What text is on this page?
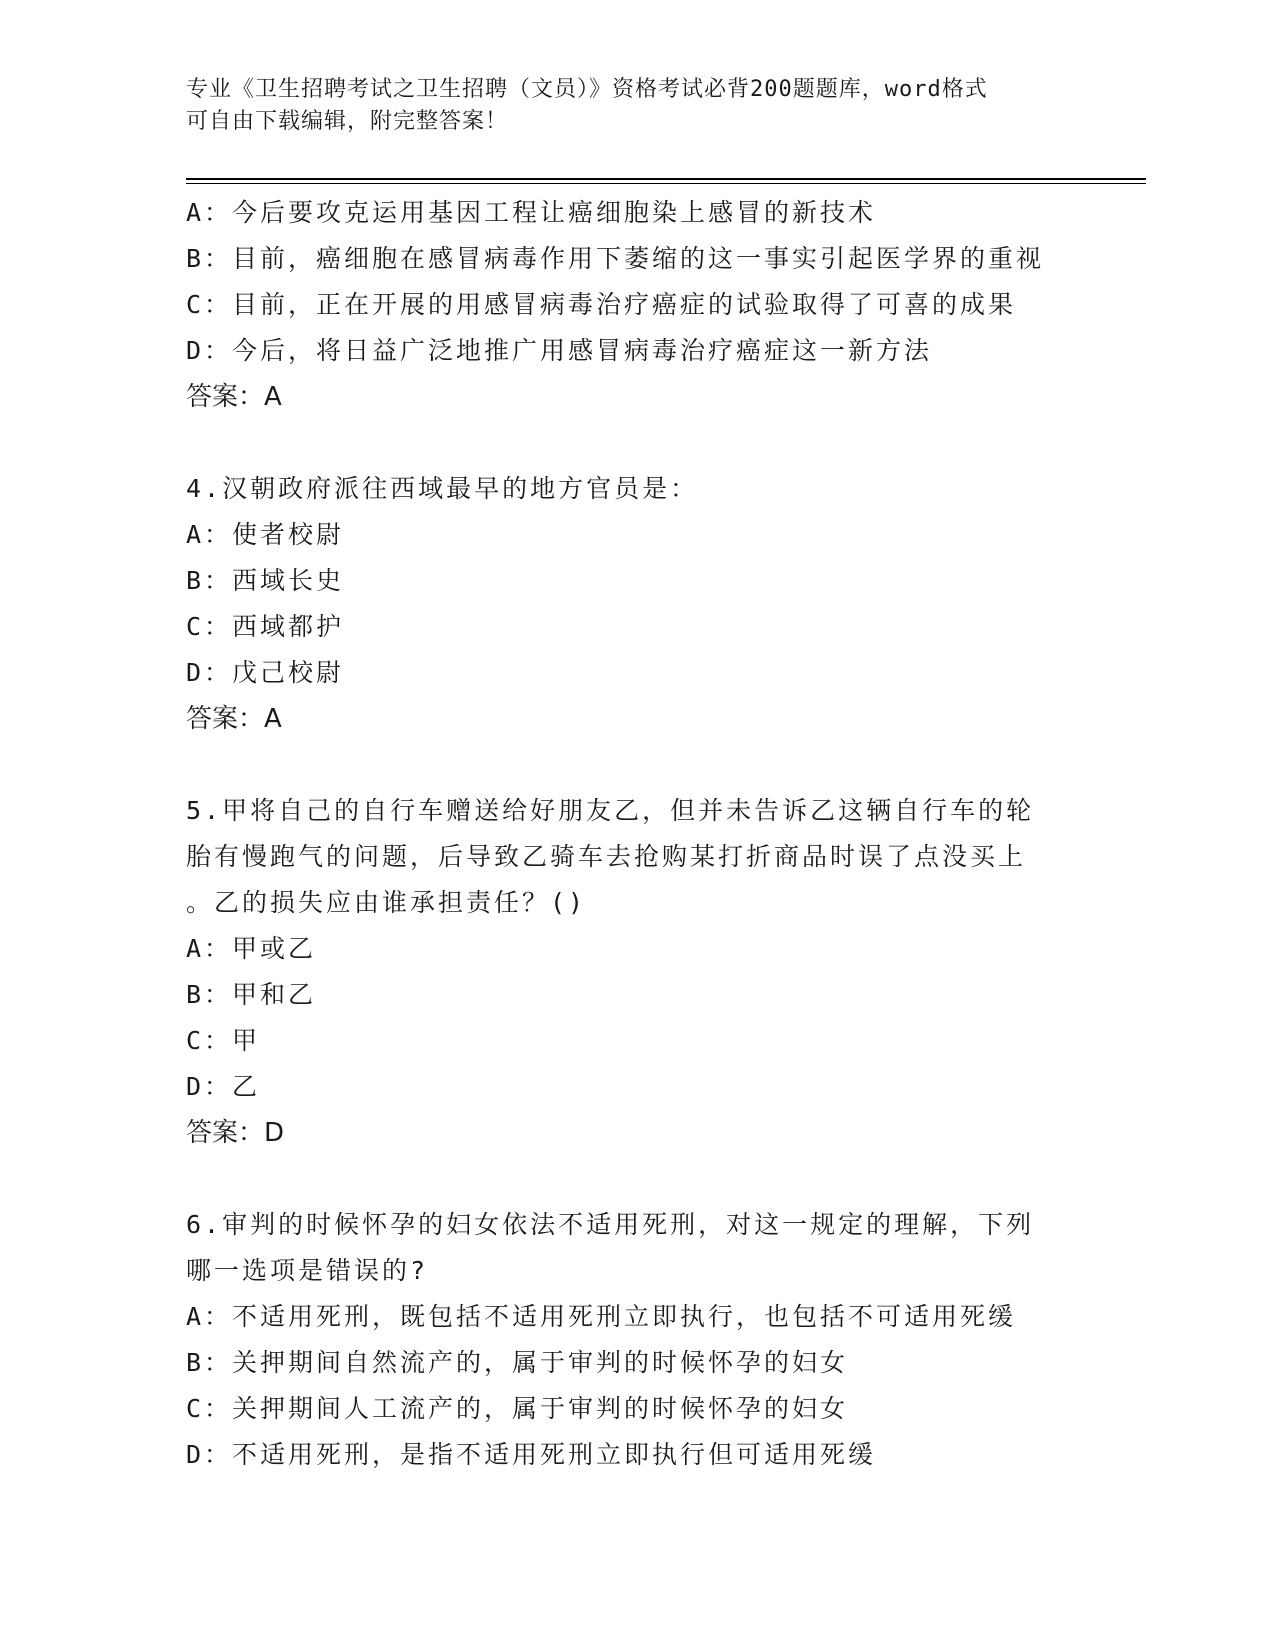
专业《卫生招聘考试之卫生招聘（文员）》资格考试必背200题题库，word格式

可自由下载编辑，附完整答案！

A：今后要攻克运用基因工程让癌细胞染上感冒的新技术
B：目前，癌细胞在感冒病毒作用下萎缩的这一事实引起医学界的重视
C：目前，正在开展的用感冒病毒治疗癌症的试验取得了可喜的成果
D：今后，将日益广泛地推广用感冒病毒治疗癌症这一新方法
答案：A
4.汉朝政府派往西域最早的地方官员是：
A：使者校尉
B：西域长史
C：西域都护
D：戊己校尉
答案：A
5.甲将自己的自行车赠送给好朋友乙，但并未告诉乙这辆自行车的轮
胎有慢跑气的问题，后导致乙骑车去抢购某打折商品时误了点没买上
。乙的损失应由谁承担责任？()
A：甲或乙
B：甲和乙
C：甲
D：乙
答案：D
6.审判的时候怀孕的妇女依法不适用死刑，对这一规定的理解，下列
哪一选项是错误的?
A：不适用死刑，既包括不适用死刑立即执行，也包括不可适用死缓
B：关押期间自然流产的，属于审判的时候怀孕的妇女
C：关押期间人工流产的，属于审判的时候怀孕的妇女
D：不适用死刑，是指不适用死刑立即执行但可适用死缓
